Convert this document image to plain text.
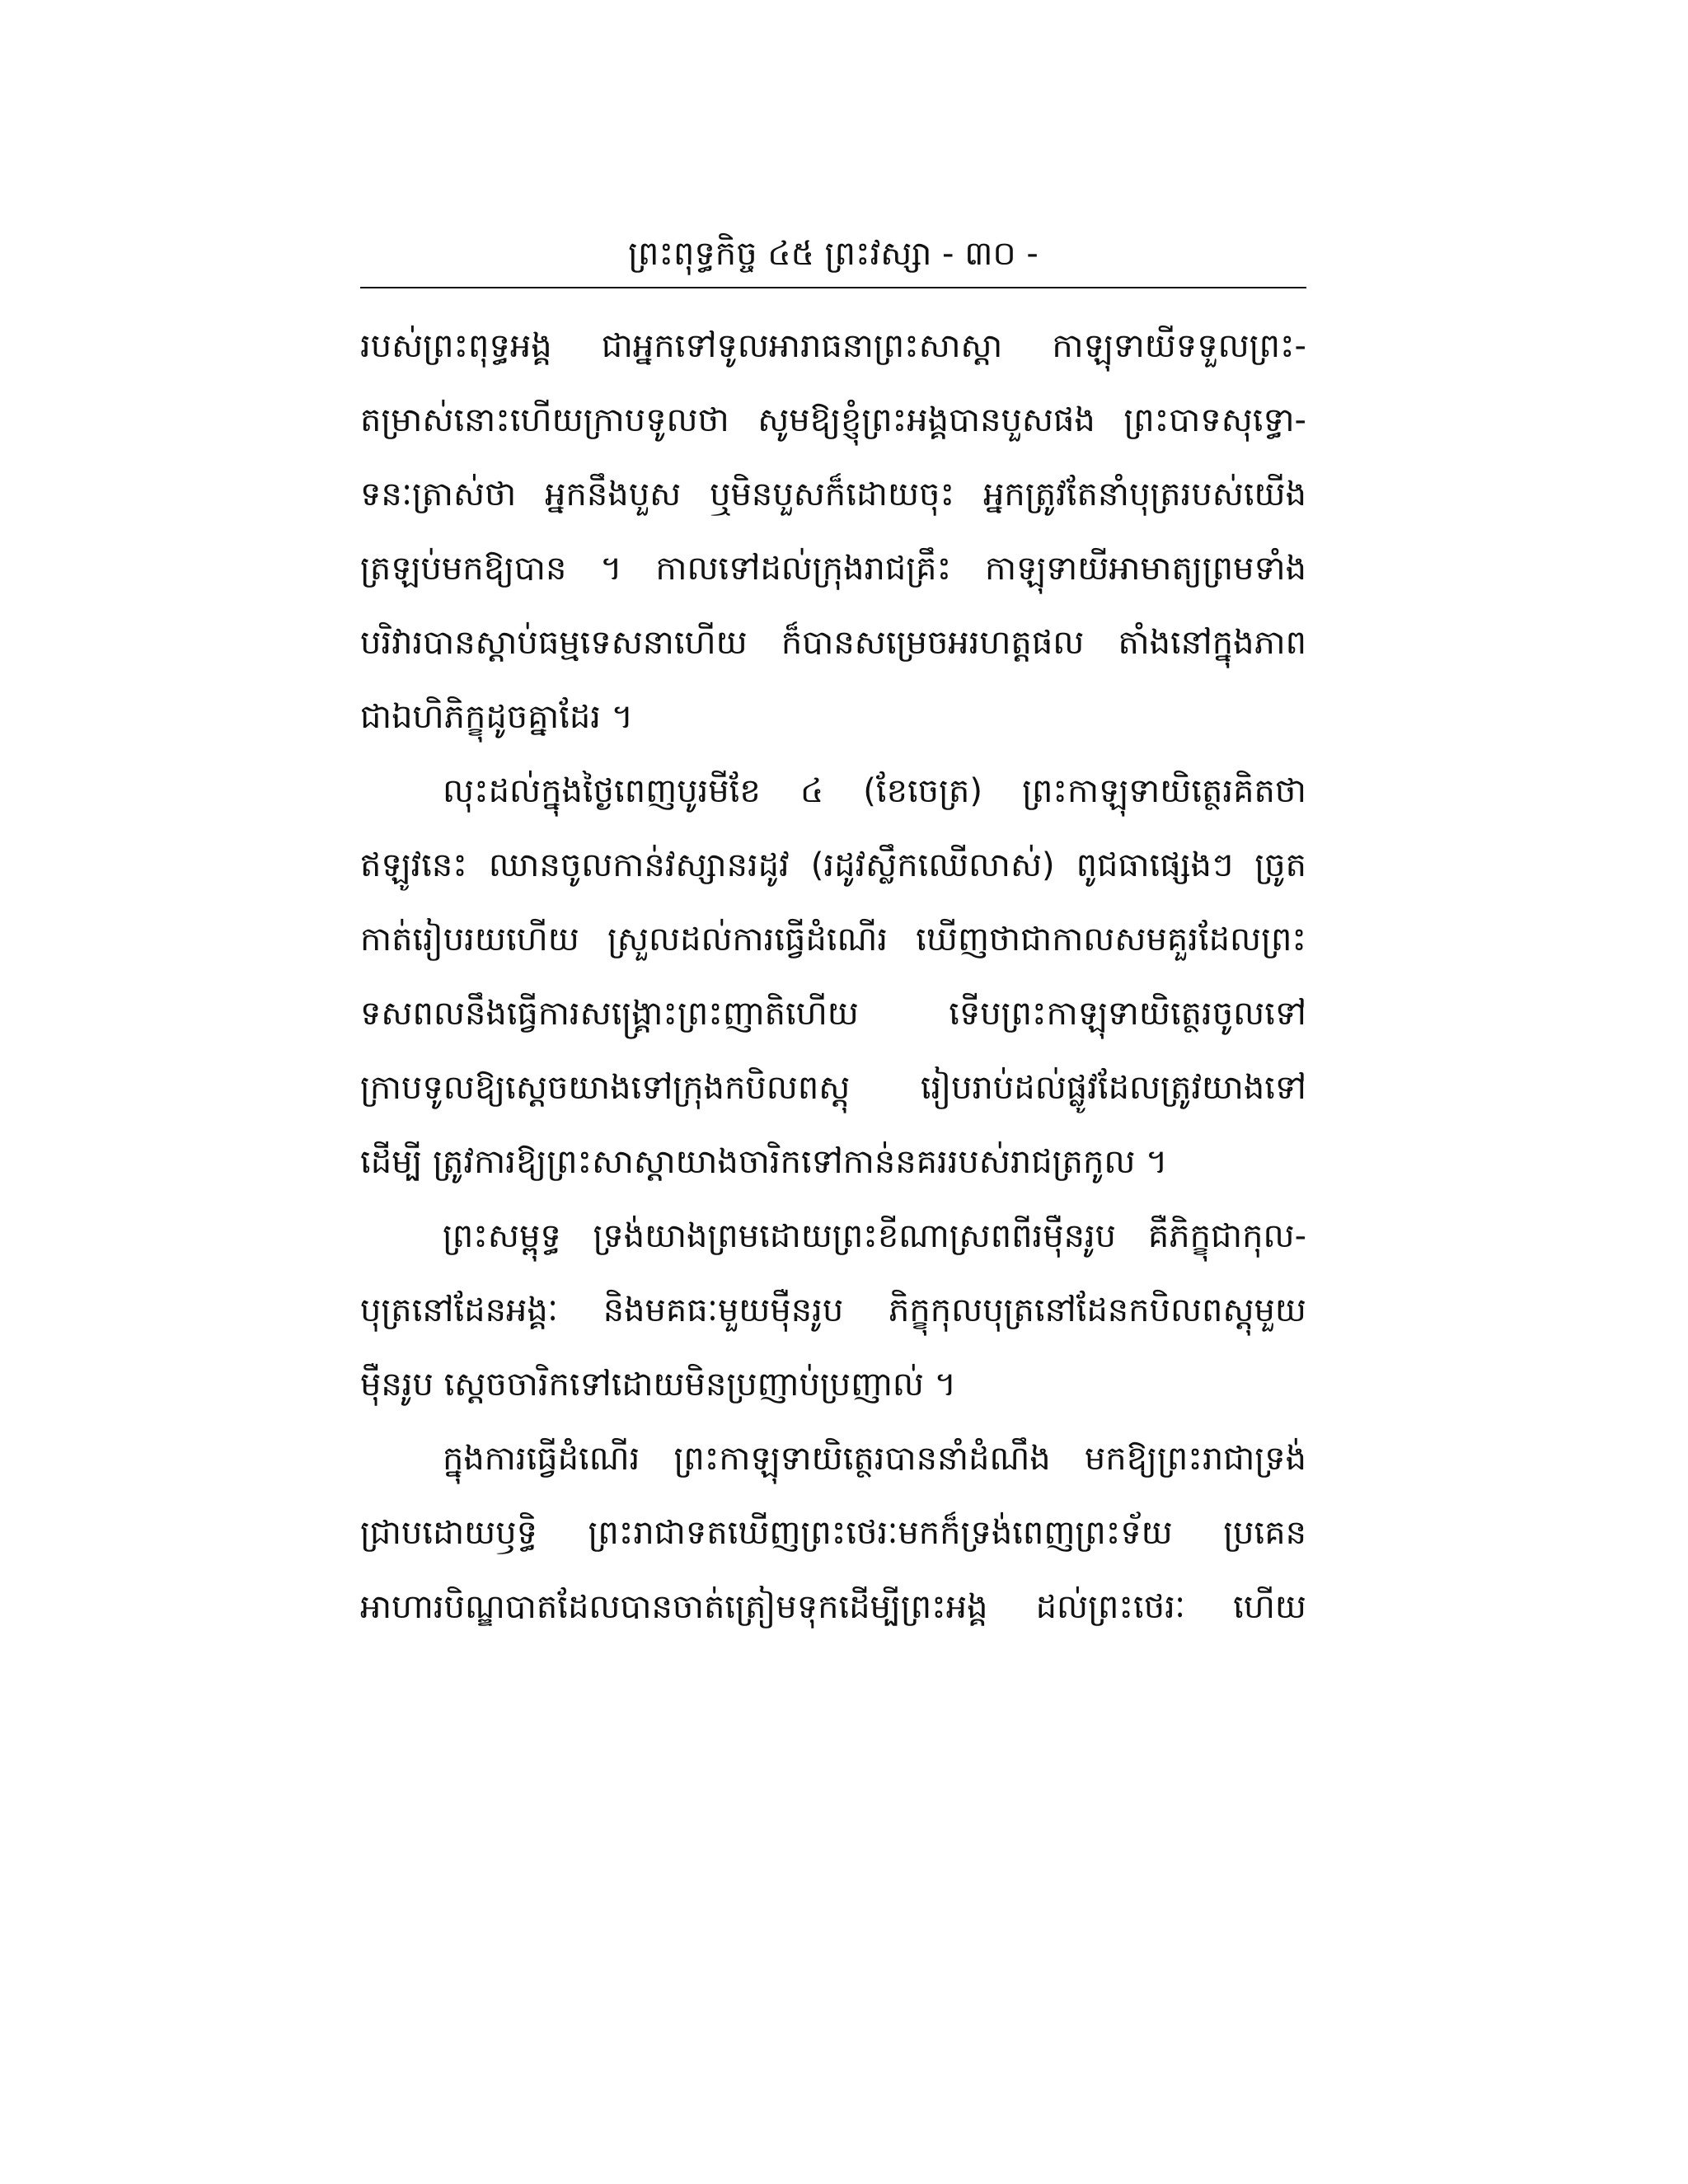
ព្រះពុទ្ធកិច្ច ៤៥ ព្រះវស្សា - ៣០ -
របស់ព្រះពុទ្ធអង្គ ជាអ្នកទៅទូលអារាធនាព្រះសាស្តា កាឡុទាយីទទួលព្រះ-
តម្រាស់នោះហើយក្រាបទូលថា សូមឱ្យខ្ញុំព្រះអង្គបានបួសផង ព្រះបាទសុទ្ធោ-
ទនៈត្រាស់ថា អ្នកនឹងបួស ឬមិនបួសក៏ដោយចុះ អ្នកត្រូវតែនាំបុត្ររបស់យើង
ត្រឡប់មកឱ្យបាន ។ កាលទៅដល់ក្រុងរាជគ្រឹះ កាឡុទាយីអាមាត្យព្រមទាំង
បរិវារបានស្តាប់ធម្មទេសនាហើយ ក៏បានសម្រេចអរហត្តផល តាំងនៅក្នុងភាព
ជាឯហិភិក្ខុដូចគ្នាដែរ ។
លុះដល់ក្នុងថ្ងៃពេញបូរមីខែ ៤ (ខែចេត្រ) ព្រះកាឡុទាយិត្ថេរគិតថា
ឥឡូវនេះ ឈានចូលកាន់វស្សានរដូវ (រដូវស្លឹកឈើលាស់) ពូជធាផ្សេងៗ ច្រូត
កាត់រៀបរយហើយ ស្រួលដល់ការធ្វើដំណើរ ឃើញថាជាកាលសមគួរដែលព្រះ
ទសពលនឹងធ្វើការសង្គ្រោះព្រះញាតិហើយ ទើបព្រះកាឡុទាយិត្ថេរចូលទៅ
ក្រាបទូលឱ្យស្តេចយាងទៅក្រុងកបិលពស្តុ រៀបរាប់ដល់ផ្លូវដែលត្រូវយាងទៅ
ដើម្បី ត្រូវការឱ្យព្រះសាស្តាយាងចារិកទៅកាន់នគររបស់រាជត្រកូល ។
ព្រះសម្ពុទ្ធ ទ្រង់យាងព្រមដោយព្រះខីណាស្រពពីរម៉ឺនរូប គឺភិក្ខុជាកុល-
បុត្រនៅដែនអង្គៈ និងមគធៈមួយម៉ឺនរូប ភិក្ខុកុលបុត្រនៅដែនកបិលពស្តុមួយ
ម៉ឺនរូប ស្តេចចារិកទៅដោយមិនប្រញាប់ប្រញាល់ ។
ក្នុងការធ្វើដំណើរ ព្រះកាឡុទាយិត្ថេរបាននាំដំណឹង មកឱ្យព្រះរាជាទ្រង់
ជ្រាបដោយឫទ្ធិ ព្រះរាជាទតឃើញព្រះថេរៈមកក៏ទ្រង់ពេញព្រះទ័យ ប្រគេន
អាហារបិណ្ឌបាតដែលបានចាត់ត្រៀមទុកដើម្បីព្រះអង្គ ដល់ព្រះថេរៈ ហើយ
